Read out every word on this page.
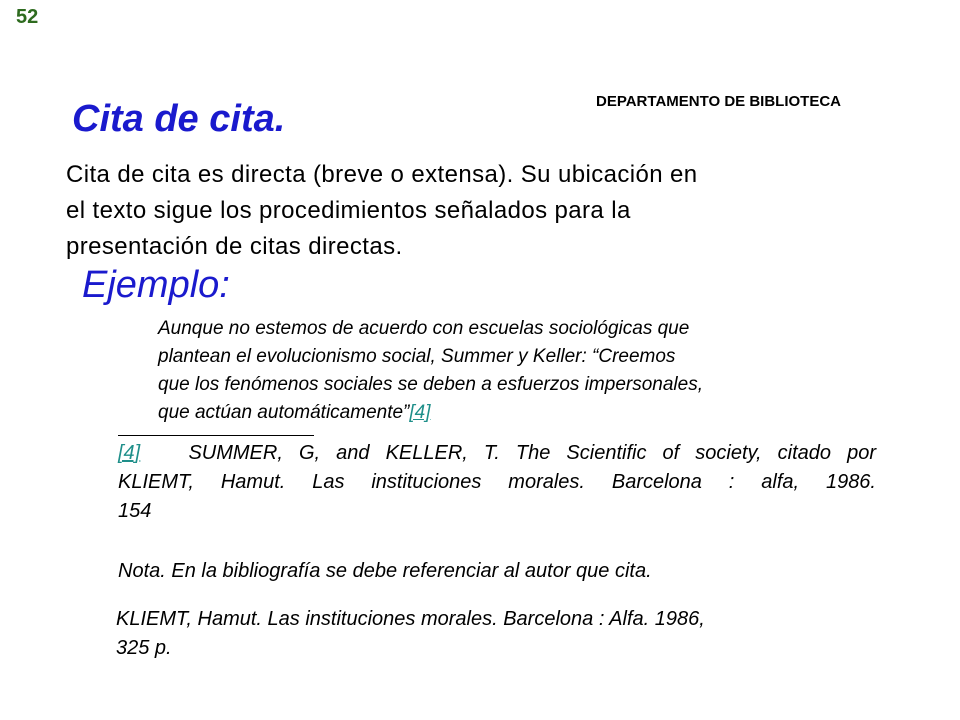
52
DEPARTAMENTO DE BIBLIOTECA
Cita de cita.
Cita de cita es directa (breve o extensa). Su ubicación en
el texto sigue los procedimientos señalados para la
presentación de citas directas.
Ejemplo:
Aunque no estemos de acuerdo con escuelas sociológicas que
plantean el evolucionismo social, Summer y Keller: “Creemos
que los fenómenos sociales se deben a esfuerzos impersonales,
que actúan automáticamente”[4]
[4] SUMMER, G, and KELLER, T. The Scientific of society, citado por
KLIEMT, Hamut. Las instituciones morales. Barcelona : alfa, 1986.
154
Nota. En la bibliografía se debe referenciar al autor que cita.
KLIEMT, Hamut. Las instituciones morales. Barcelona : Alfa. 1986,
325 p.
